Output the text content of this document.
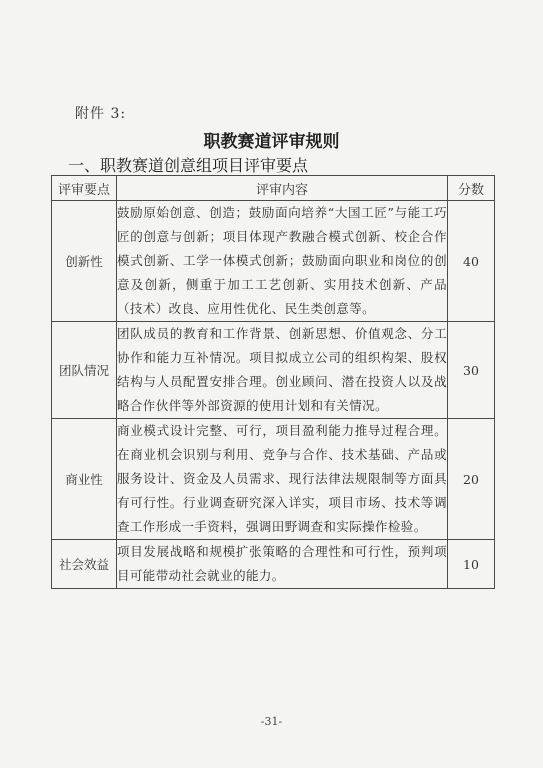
附件 3:
职教赛道评审规则
一、职教赛道创意组项目评审要点
评审要点	评审内容	分数
创新性	鼓励原始创意、创造；鼓励面向培养“大国工匠”与能工巧匠的创意与创新；项目体现产教融合模式创新、校企合作模式创新、工学一体模式创新；鼓励面向职业和岗位的创意及创新，侧重于加工工艺创新、实用技术创新、产品（技术）改良、应用性优化、民生类创意等。	40
团队情况	团队成员的教育和工作背景、创新思想、价值观念、分工协作和能力互补情况。项目拟成立公司的组织构架、股权结构与人员配置安排合理。创业顾问、潜在投资人以及战略合作伙伴等外部资源的使用计划和有关情况。	30
商业性	商业模式设计完整、可行，项目盈利能力推导过程合理。在商业机会识别与利用、竞争与合作、技术基础、产品或服务设计、资金及人员需求、现行法律法规限制等方面具有可行性。行业调查研究深入详实，项目市场、技术等调查工作形成一手资料，强调田野调查和实际操作检验。	20
社会效益	项目发展战略和规模扩张策略的合理性和可行性，预判项目可能带动社会就业的能力。	10
-31-
